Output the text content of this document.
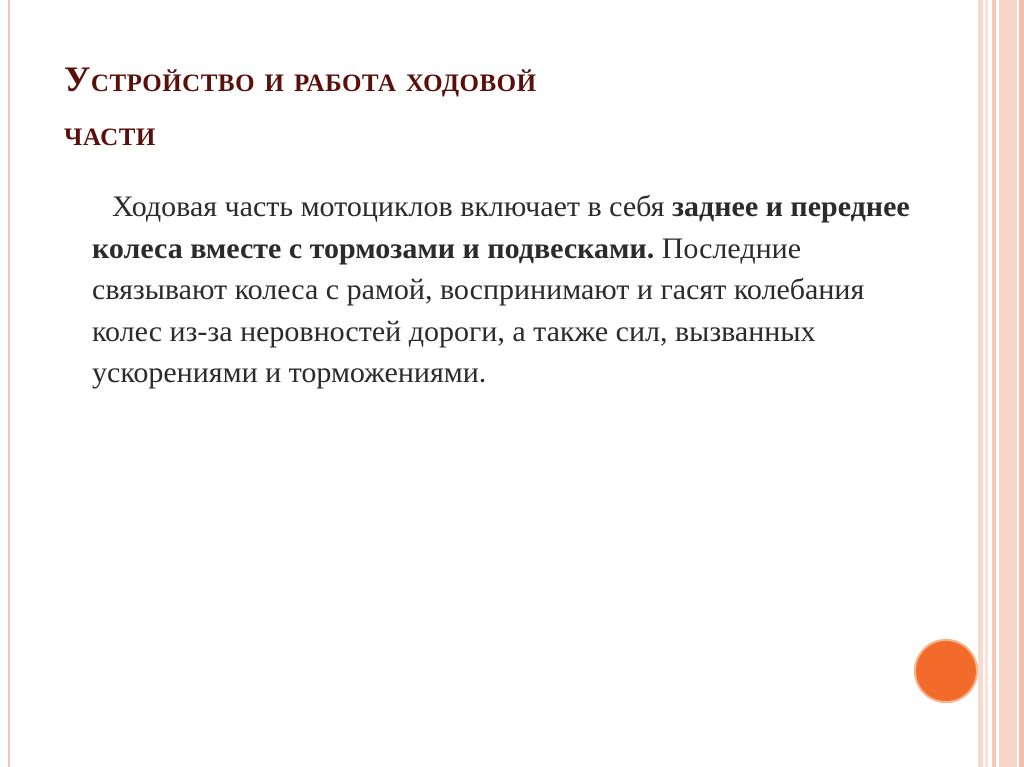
Устройство и работа ходовой
части
Ходовая часть мотоциклов включает в себя заднее и переднее колеса вместе с тормозами и подвесками. Последние связывают колеса с рамой, воспринимают и гасят колебания колес из-за неровностей дороги, а также сил, вызванных ускорениями и торможениями.
